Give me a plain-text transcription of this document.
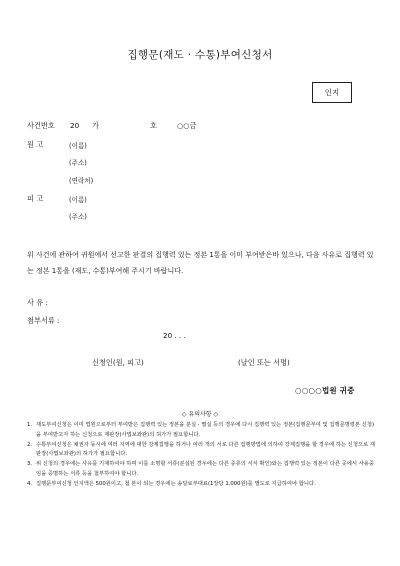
집행문(재도 · 수통)부여신청서
인지
사건번호 20 가	호	○○금
원 고	(이름)
(주소)
(연락처)
피 고	(이름)
(주소)
위 사건에 관하여 귀원에서 선고한 판결의 집행력 있는 정본 1통을 이미 부여받은바 있으나, 다음 사유로 집행력 있는 정본 1통을 (재도, 수통)부여해 주시기 바랍니다.
사 유 :
첨부서류 :
20 . . .
신청인(원, 피고)	(날인 또는 서명)
○○○○법원 귀중
◇ 유의사항 ◇
1. 재도부여신청은 이미 법원으로부터 부여받은 집행력 있는 정본을 분실 · 멸실 등의 경우에 다시 집행력 있는 정본(집행문부여 및 집행문명령본 신청)을 부여받고자 하는 신청으로 재판장(사법보좌관)의 허가가 필요합니다.
2. 수통부여신청은 채권자 동시에 여러 지역에 대한 강제집행을 하거나 여러 개의 서로 다른 집행방법에 의하여 강제집행을 할 경우에 하는 신청으로 재판장(사법보좌관)의 허가가 필요합니다.
3. 위 신청의 경우에는 사유를 기재하여야 하며 이를 소명할 서류(분실된 경우에는 다른 종류의 서식 확인)와는 집행력 있는 정본이 다른 곳에서 사용중임을 증명하는 서류 등을 첨부하여야 합니다.
4. 집행문부여신청 인지액은 500원이고, 첨 본이 되는 경우에는 송달료부대료(1장당 1,000원)를 별도로 지급하여야 합니다.
